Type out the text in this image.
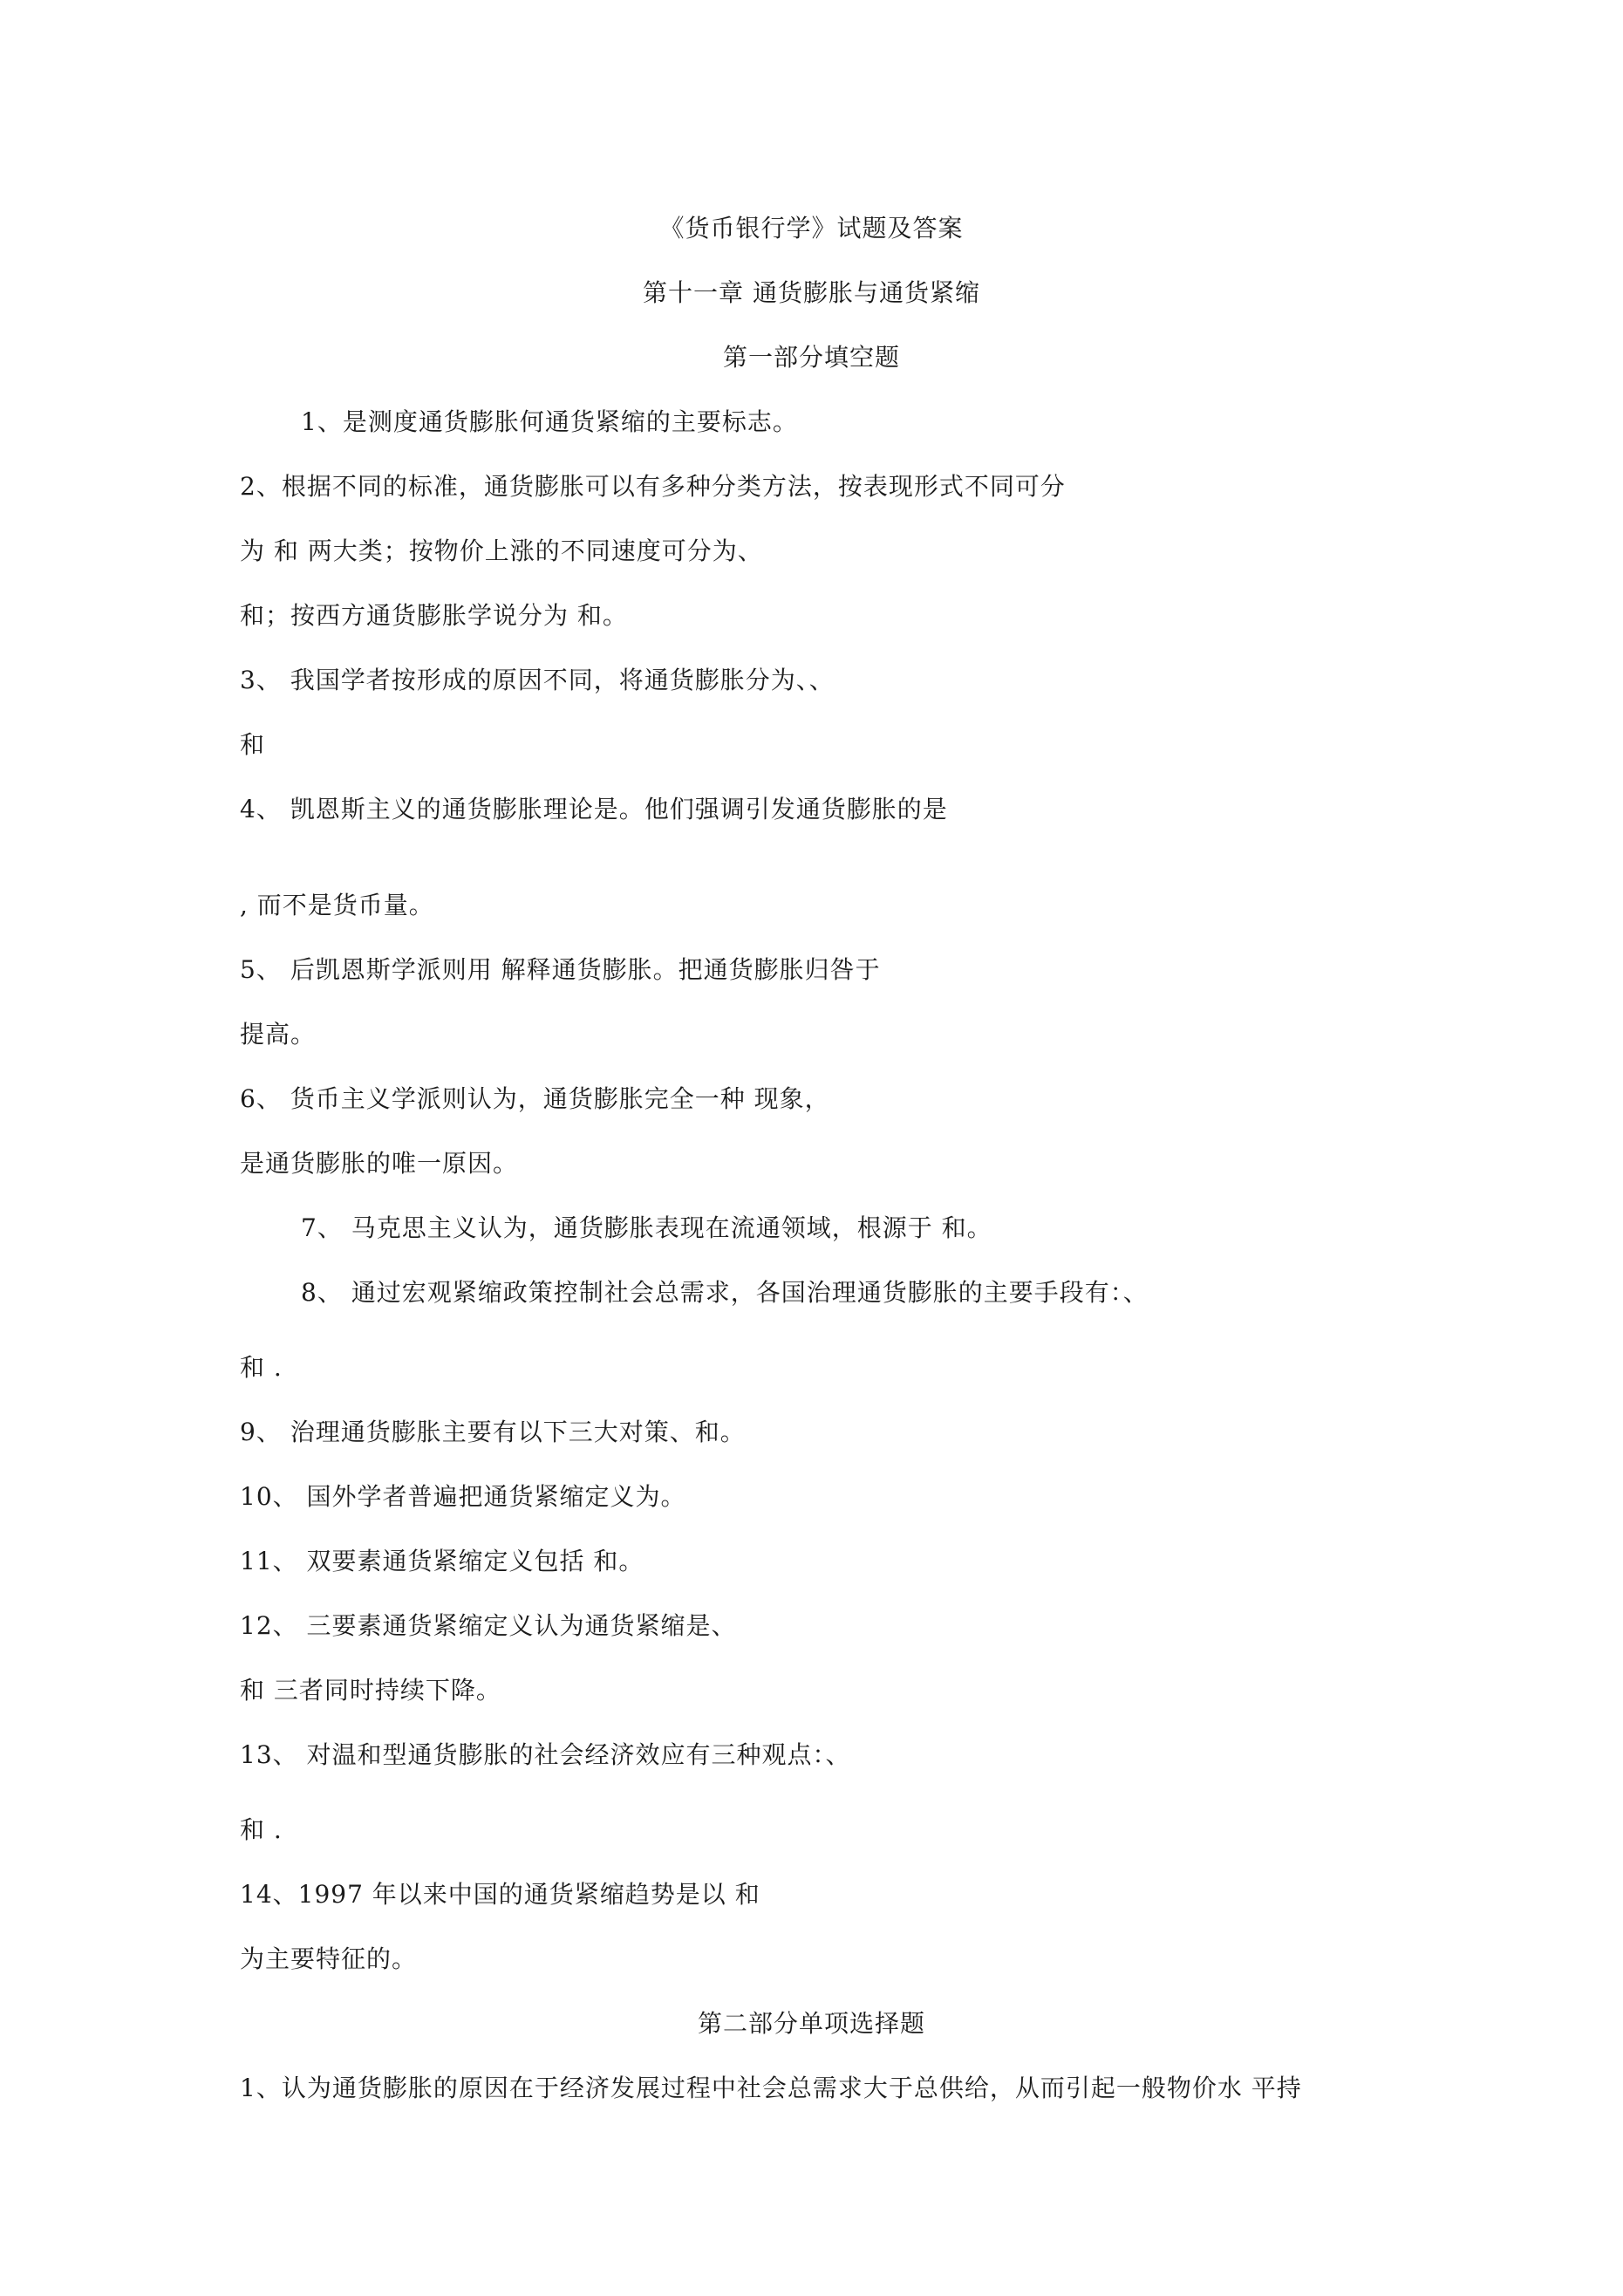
《货币银行学》试题及答案
第十一章 通货膨胀与通货紧缩
第一部分填空题
1、是测度通货膨胀何通货紧缩的主要标志。
2、根据不同的标准，通货膨胀可以有多种分类方法，按表现形式不同可分
为 和 两大类；按物价上涨的不同速度可分为、
和；按西方通货膨胀学说分为 和。
3、 我国学者按形成的原因不同，将通货膨胀分为、、
和
4、 凯恩斯主义的通货膨胀理论是。他们强调引发通货膨胀的是
, 而不是货币量。
5、 后凯恩斯学派则用 解释通货膨胀。把通货膨胀归咎于
提高。
6、 货币主义学派则认为，通货膨胀完全一种 现象，
是通货膨胀的唯一原因。
7、 马克思主义认为，通货膨胀表现在流通领域，根源于 和。
8、 通过宏观紧缩政策控制社会总需求，各国治理通货膨胀的主要手段有：、
和 .
9、 治理通货膨胀主要有以下三大对策、和。
10、 国外学者普遍把通货紧缩定义为。
11、 双要素通货紧缩定义包括 和。
12、 三要素通货紧缩定义认为通货紧缩是、
和 三者同时持续下降。
13、 对温和型通货膨胀的社会经济效应有三种观点：、
和 .
14、1997 年以来中国的通货紧缩趋势是以 和
为主要特征的。
第二部分单项选择题
1、认为通货膨胀的原因在于经济发展过程中社会总需求大于总供给，从而引起一般物价水 平持
